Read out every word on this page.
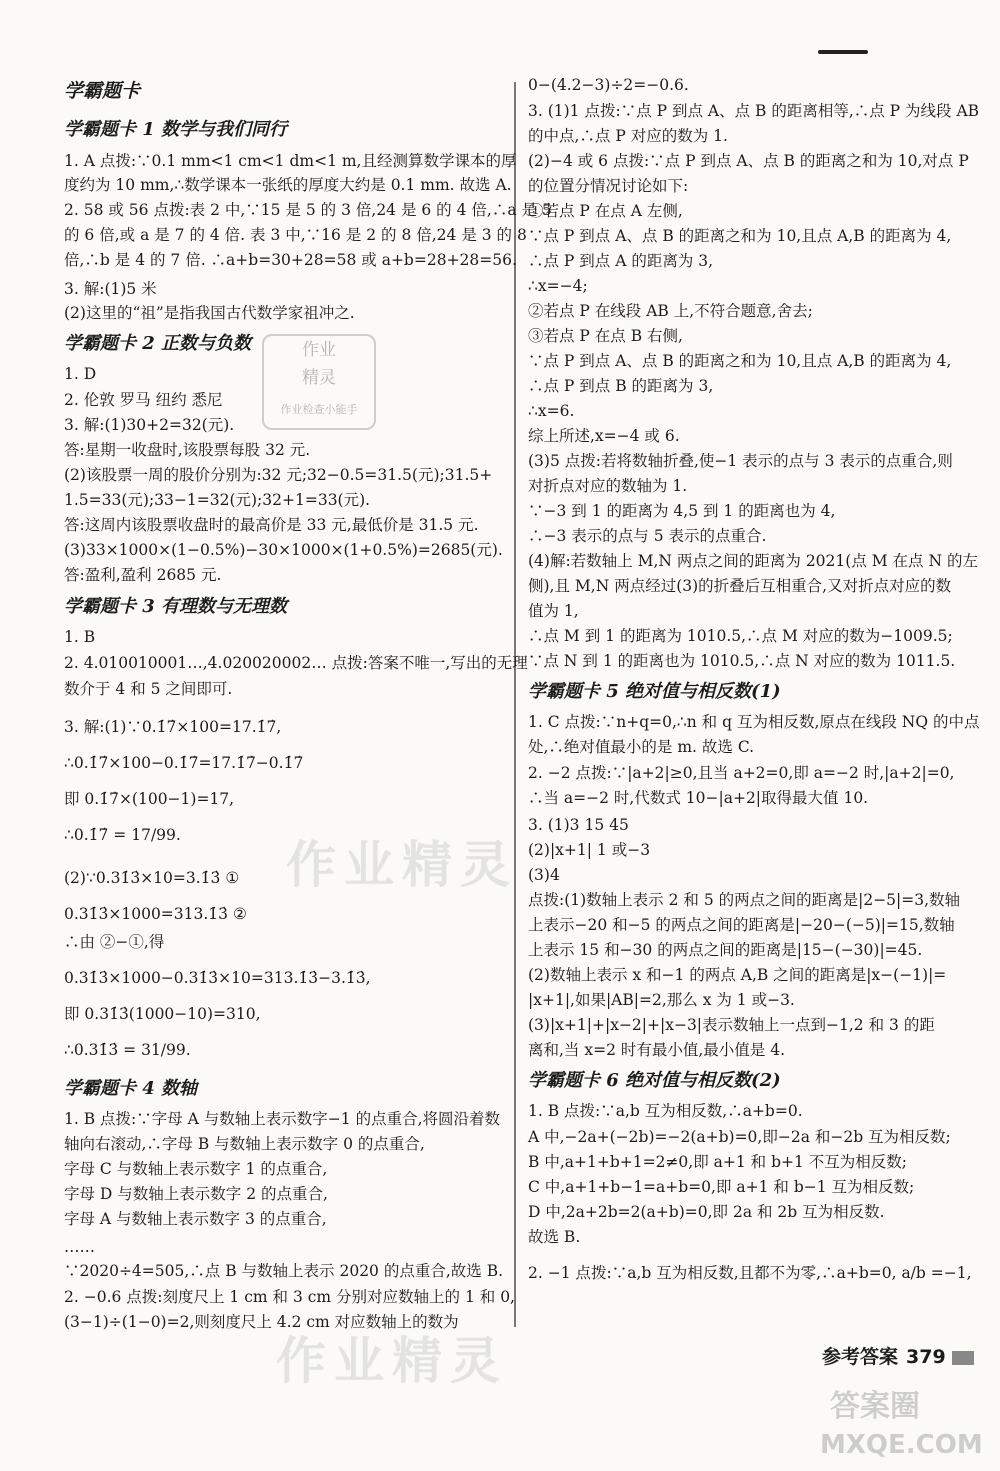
学霸题卡
学霸题卡 1 数学与我们同行
1. A 点拨:∵0.1 mm<1 cm<1 dm<1 m,且经测算数学课本的厚
度约为 10 mm,∴数学课本一张纸的厚度大约是 0.1 mm. 故选 A.
2. 58 或 56 点拨:表 2 中,∵15 是 5 的 3 倍,24 是 6 的 4 倍,∴a 是 5
的 6 倍,或 a 是 7 的 4 倍. 表 3 中,∵16 是 2 的 8 倍,24 是 3 的 8
倍,∴b 是 4 的 7 倍. ∴a+b=30+28=58 或 a+b=28+28=56.
3. 解:(1)5 米
(2)这里的“祖”是指我国古代数学家祖冲之.
学霸题卡 2 正数与负数
1. D
2. 伦敦 罗马 纽约 悉尼
3. 解:(1)30+2=32(元).
答:星期一收盘时,该股票每股 32 元.
(2)该股票一周的股价分别为:32 元;32−0.5=31.5(元);31.5+
1.5=33(元);33−1=32(元);32+1=33(元).
答:这周内该股票收盘时的最高价是 33 元,最低价是 31.5 元.
(3)33×1000×(1−0.5%)−30×1000×(1+0.5%)=2685(元).
答:盈利,盈利 2685 元.
学霸题卡 3 有理数与无理数
1. B
2. 4.010010001…,4.020020002… 点拨:答案不唯一,写出的无理
数介于 4 和 5 之间即可.
3. 解:(1)∵0.1̇7̇×100=17.1̇7̇,
∴0.1̇7̇×100−0.1̇7̇=17.1̇7̇−0.1̇7̇
即 0.1̇7̇×(100−1)=17,
∴0.1̇7̇ = 17/99.
(2)∵0.31̇3̇×10=3.1̇3̇ ①
0.31̇3̇×1000=313.1̇3̇ ②
∴由 ②−①,得
0.31̇3̇×1000−0.31̇3̇×10=313.1̇3̇−3.1̇3̇,
即 0.31̇3̇(1000−10)=310,
∴0.31̇3̇ = 31/99.
学霸题卡 4 数轴
1. B 点拨:∵字母 A 与数轴上表示数字−1 的点重合,将圆沿着数
轴向右滚动,∴字母 B 与数轴上表示数字 0 的点重合,
字母 C 与数轴上表示数字 1 的点重合,
字母 D 与数轴上表示数字 2 的点重合,
字母 A 与数轴上表示数字 3 的点重合,
……
∵2020÷4=505,∴点 B 与数轴上表示 2020 的点重合,故选 B.
2. −0.6 点拨:刻度尺上 1 cm 和 3 cm 分别对应数轴上的 1 和 0,
(3−1)÷(1−0)=2,则刻度尺上 4.2 cm 对应数轴上的数为
0−(4.2−3)÷2=−0.6.
3. (1)1 点拨:∵点 P 到点 A、点 B 的距离相等,∴点 P 为线段 AB
的中点,∴点 P 对应的数为 1.
(2)−4 或 6 点拨:∵点 P 到点 A、点 B 的距离之和为 10,对点 P
的位置分情况讨论如下:
①若点 P 在点 A 左侧,
∵点 P 到点 A、点 B 的距离之和为 10,且点 A,B 的距离为 4,
∴点 P 到点 A 的距离为 3,
∴x=−4;
②若点 P 在线段 AB 上,不符合题意,舍去;
③若点 P 在点 B 右侧,
∵点 P 到点 A、点 B 的距离之和为 10,且点 A,B 的距离为 4,
∴点 P 到点 B 的距离为 3,
∴x=6.
综上所述,x=−4 或 6.
(3)5 点拨:若将数轴折叠,使−1 表示的点与 3 表示的点重合,则
对折点对应的数轴为 1.
∵−3 到 1 的距离为 4,5 到 1 的距离也为 4,
∴−3 表示的点与 5 表示的点重合.
(4)解:若数轴上 M,N 两点之间的距离为 2021(点 M 在点 N 的左
侧),且 M,N 两点经过(3)的折叠后互相重合,又对折点对应的数
值为 1,
∴点 M 到 1 的距离为 1010.5,∴点 M 对应的数为−1009.5;
∵点 N 到 1 的距离也为 1010.5,∴点 N 对应的数为 1011.5.
学霸题卡 5 绝对值与相反数(1)
1. C 点拨:∵n+q=0,∴n 和 q 互为相反数,原点在线段 NQ 的中点
处,∴绝对值最小的是 m. 故选 C.
2. −2 点拨:∵|a+2|≥0,且当 a+2=0,即 a=−2 时,|a+2|=0,
∴当 a=−2 时,代数式 10−|a+2|取得最大值 10.
3. (1)3 15 45
(2)|x+1| 1 或−3
(3)4
点拨:(1)数轴上表示 2 和 5 的两点之间的距离是|2−5|=3,数轴
上表示−20 和−5 的两点之间的距离是|−20−(−5)|=15,数轴
上表示 15 和−30 的两点之间的距离是|15−(−30)|=45.
(2)数轴上表示 x 和−1 的两点 A,B 之间的距离是|x−(−1)|=
|x+1|,如果|AB|=2,那么 x 为 1 或−3.
(3)|x+1|+|x−2|+|x−3|表示数轴上一点到−1,2 和 3 的距
离和,当 x=2 时有最小值,最小值是 4.
学霸题卡 6 绝对值与相反数(2)
1. B 点拨:∵a,b 互为相反数,∴a+b=0.
A 中,−2a+(−2b)=−2(a+b)=0,即−2a 和−2b 互为相反数;
B 中,a+1+b+1=2≠0,即 a+1 和 b+1 不互为相反数;
C 中,a+1+b−1=a+b=0,即 a+1 和 b−1 互为相反数;
D 中,2a+2b=2(a+b)=0,即 2a 和 2b 互为相反数.
故选 B.
2. −1 点拨:∵a,b 互为相反数,且都不为零,∴a+b=0, a/b =−1,
作业
精灵
作业检查小能手
作业精灵
作业精灵	参考答案 379
答案圈
MXQE.COM
